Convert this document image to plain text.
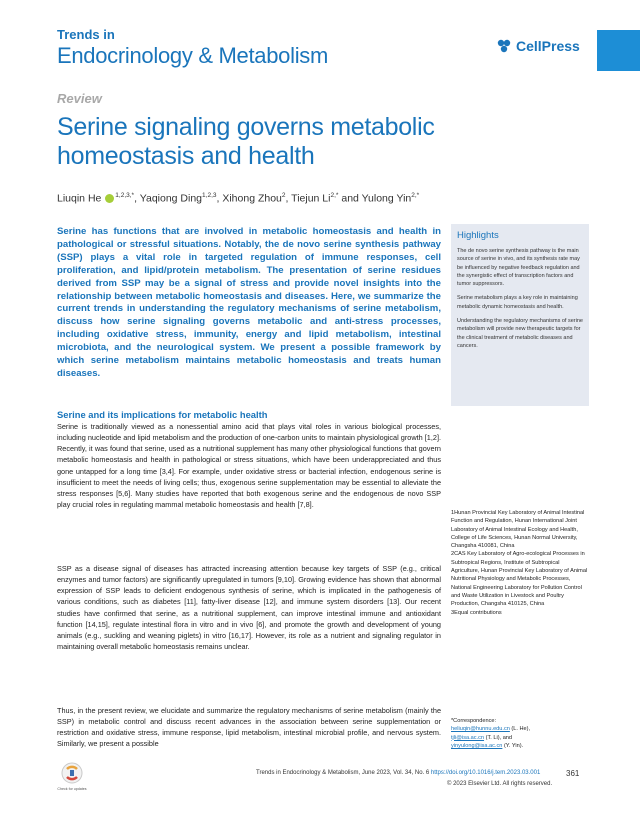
Trends in
Endocrinology & Metabolism	CellPress
Review
Serine signaling governs metabolic homeostasis and health
Liuqin He $^{1,2,3,*}$, Yaqiong Ding$^{1,2,3}$, Xihong Zhou$^2$, Tiejun $Li^{2,*}$ and Yulong Yin$^{2,*}$

Serine has functions that are involved in metabolic homeostasis and health in pathological or stressful situations. Notably, the de novo serine synthesis pathway (SSP) plays a vital role in targeted regulation of immune responses, cell proliferation, and lipid/protein metabolism. The presentation of serine residues derived from SSP may be a signal of stress and provide novel insights into the relationship between metabolic homeostasis and diseases. Here, we summarize the current trends in understanding the regulatory mechanisms of serine metabolism, discuss how serine signaling governs metabolic and anti-stress processes, including oxidative stress, immunity, energy and lipid metabolism, intestinal microbiota, and the neurological system. We present a possible framework by which serine metabolism maintains metabolic homeostasis and treats human diseases.

Highlights

The de novo serine synthesis pathway is the main source of serine in vivo, and its synthesis rate may be influenced by negative feedback regulation and the synergistic effect of transcription factors and tumor suppressors.

Serine metabolism plays a key role in maintaining metabolic dynamic homeostasis and health.

Understanding the regulatory mechanisms of serine metabolism will provide new therapeutic targets for the clinical treatment of metabolic diseases and cancers.

Serine and its implications for metabolic health

Serine is traditionally viewed as a nonessential amino acid that plays vital roles in various biological processes, including nucleotide and lipid metabolism and the production of one-carbon units to maintain physiological growth [1,2]. Recently, it was found that serine, used as a nutritional supplement has many other physiological functions that govern metabolic homeostasis and health in pathological or stress situations, which have been underappreciated and thus gone untapped for a long time [3,4]. For example, under oxidative stress or bacterial infection, endogenous serine is insufficient to meet the needs of living cells; thus, exogenous serine supplementation may be essential to alleviate the stress responses [5,6]. Many studies have reported that both exogenous serine and the endogenous de novo SSP play crucial roles in regulating mammal metabolic homeostasis and health [7,8].

SSP as a disease signal of diseases has attracted increasing attention because key targets of SSP (e.g., critical enzymes and tumor factors) are significantly upregulated in tumors [9,10]. Growing evidence has shown that abnormal expression of SSP leads to deficient endogenous synthesis of serine, which is implicated in the pathogenesis of various conditions, such as diabetes [11], fatty-liver disease [12], and immune system disorders [13]. Our recent studies have confirmed that serine, as a nutritional supplement, can improve intestinal immune and antioxidant function [14,15], regulate intestinal flora in vitro and in vivo [6], and promote the growth and development of young animals (e.g., suckling and weaning piglets) in vitro [16,17]. However, its role as a nutrient and signaling regulator in maintaining overall metabolic homeostasis remains unclear.

Thus, in the present review, we elucidate and summarize the regulatory mechanisms of serine metabolism (mainly the SSP) in metabolic control and discuss recent advances in the association between serine supplementation or restriction and oxidative stress, immune response, lipid metabolism, intestinal microbial profile, and nervous system. Similarly, we present a possible

1Hunan Provincial Key Laboratory of Animal Intestinal Function and Regulation, Hunan International Joint Laboratory of Animal Intestinal Ecology and Health, College of Life Sciences, Hunan Normal University, Changsha 410081, China
2CAS Key Laboratory of Agro-ecological Processes in Subtropical Regions, Institute of Subtropical Agriculture, Hunan Provincial Key Laboratory of Animal Nutritional Physiology and Metabolic Processes, National Engineering Laboratory for Pollution Control and Waste Utilization in Livestock and Poultry Production, Changsha 410125, China
3Equal contributions
*Correspondence:
heliuqin@hunnu.edu.cn (L. He),
tjli@isa.ac.cn (T. Li), and
yinyulong@isa.ac.cn (Y. Yin).
Check for updates
Trends in Endocrinology & Metabolism, June 2023, Vol. 34, No. 6 https://doi.org/10.1016/j.tem.2023.03.001	361
© 2023 Elsevier Ltd. All rights reserved.
